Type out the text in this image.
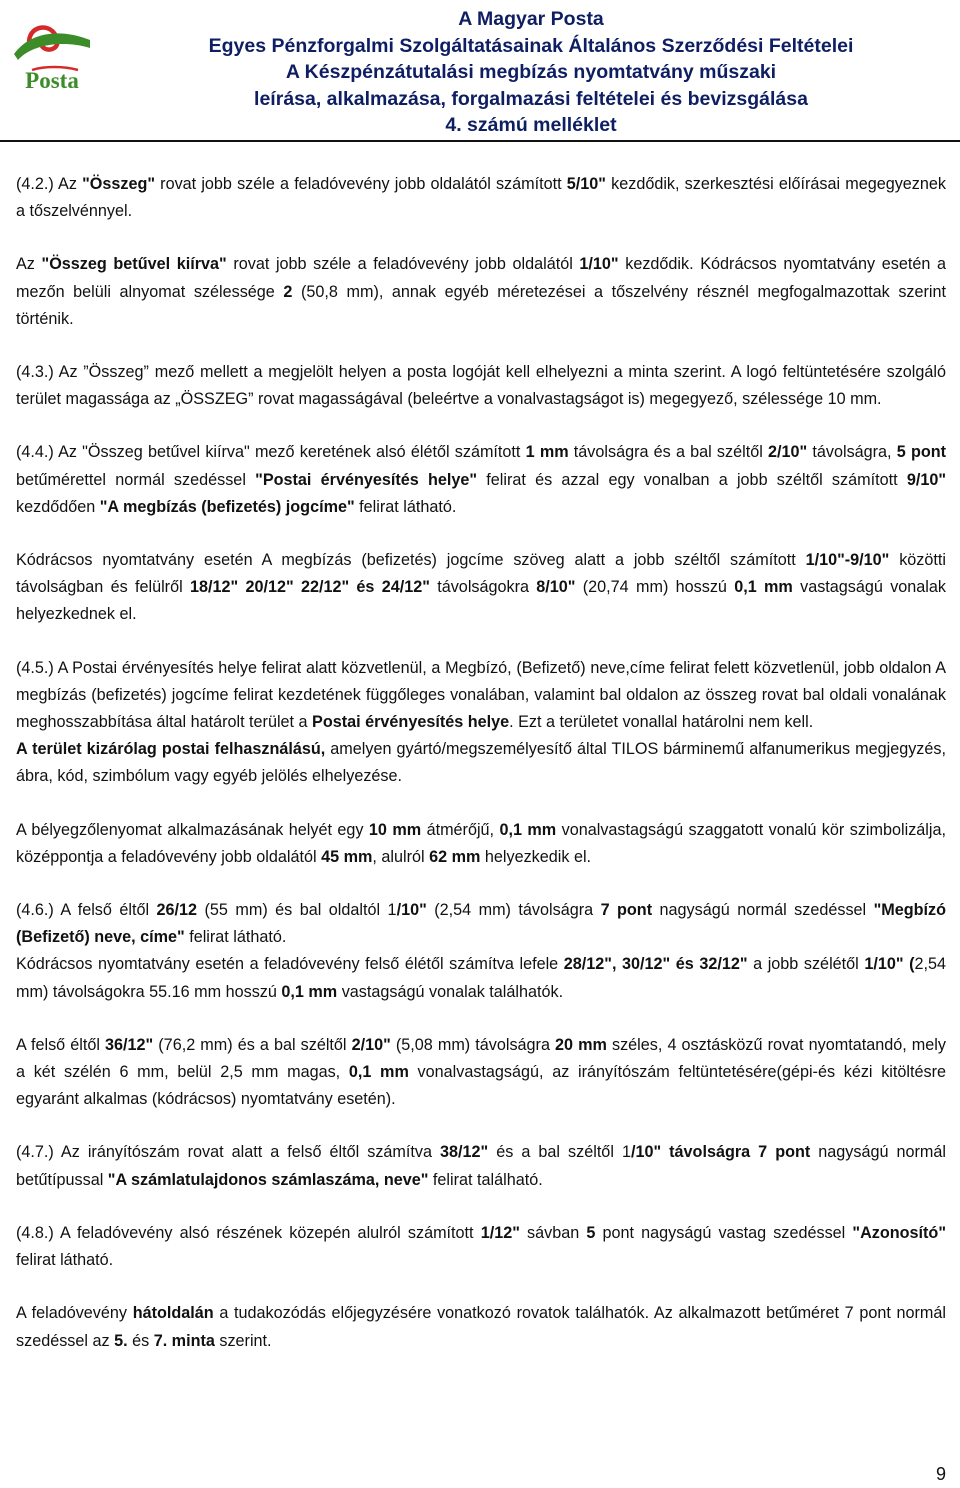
Posta
A Magyar Posta
Egyes Pénzforgalmi Szolgáltatásainak Általános Szerződési Feltételei
A Készpénzátutalási megbízás nyomtatvány műszaki
leírása, alkalmazása, forgalmazási feltételei és bevizsgálása
4. számú melléklet

(4.2.) Az "Összeg" rovat jobb széle a feladóvevény jobb oldalától számított 5/10" kezdődik, szerkesztési előírásai megegyeznek a tőszelvénnyel.

Az "Összeg betűvel kiírva" rovat jobb széle a feladóvevény jobb oldalától 1/10" kezdődik. Kódrácsos nyomtatvány esetén a mezőn belüli alnyomat szélessége 2 (50,8 mm), annak egyéb méretezései a tőszelvény résznél megfogalmazottak szerint történik.

(4.3.) Az ”Összeg” mező mellett a megjelölt helyen a posta logóját kell elhelyezni a minta szerint. A logó feltüntetésére szolgáló terület magassága az „ÖSSZEG” rovat magasságával (beleértve a vonalvastagságot is) megegyező, szélessége 10 mm.

(4.4.) Az "Összeg betűvel kiírva" mező keretének alsó élétől számított 1 mm távolságra és a bal széltől 2/10" távolságra, 5 pont betűmérettel normál szedéssel "Postai érvényesítés helye" felirat és azzal egy vonalban a jobb széltől számított 9/10" kezdődően "A megbízás (befizetés) jogcíme" felirat látható.

Kódrácsos nyomtatvány esetén A megbízás (befizetés) jogcíme szöveg alatt a jobb széltől számított 1/10"-9/10" közötti távolságban és felülről 18/12" 20/12" 22/12" és 24/12" távolságokra 8/10" (20,74 mm) hosszú 0,1 mm vastagságú vonalak helyezkednek el.

(4.5.) A Postai érvényesítés helye felirat alatt közvetlenül, a Megbízó, (Befizető) neve,címe felirat felett közvetlenül, jobb oldalon A megbízás (befizetés) jogcíme felirat kezdetének függőleges vonalában, valamint bal oldalon az összeg rovat bal oldali vonalának meghosszabbítása által határolt terület a Postai érvényesítés helye. Ezt a területet vonallal határolni nem kell.

A terület kizárólag postai felhasználású, amelyen gyártó/megszemélyesítő által TILOS bárminemű alfanumerikus megjegyzés, ábra, kód, szimbólum vagy egyéb jelölés elhelyezése.

A bélyegzőlenyomat alkalmazásának helyét egy 10 mm átmérőjű, 0,1 mm vonalvastagságú szaggatott vonalú kör szimbolizálja, középpontja a feladóvevény jobb oldalától 45 mm, alulról 62 mm helyezkedik el.

(4.6.) A felső éltől 26/12 (55 mm) és bal oldaltól 1/10" (2,54 mm) távolságra 7 pont nagyságú normál szedéssel "Megbízó (Befizető) neve, címe" felirat látható.

Kódrácsos nyomtatvány esetén a feladóvevény felső élétől számítva lefele 28/12", 30/12" és 32/12" a jobb szélétől 1/10" (2,54 mm) távolságokra 55.16 mm hosszú 0,1 mm vastagságú vonalak találhatók.

A felső éltől 36/12" (76,2 mm) és a bal széltől 2/10" (5,08 mm) távolságra 20 mm széles, 4 osztásközű rovat nyomtatandó, mely a két szélén 6 mm, belül 2,5 mm magas, 0,1 mm vonalvastagságú, az irányítószám feltüntetésére(gépi-és kézi kitöltésre egyaránt alkalmas (kódrácsos) nyomtatvány esetén).

(4.7.) Az irányítószám rovat alatt a felső éltől számítva 38/12" és a bal széltől 1/10" távolságra 7 pont nagyságú normál betűtípussal "A számlatulajdonos számlaszáma, neve" felirat található.

(4.8.) A feladóvevény alsó részének közepén alulról számított 1/12" sávban 5 pont nagyságú vastag szedéssel "Azonosító" felirat látható.

A feladóvevény hátoldalán a tudakozódás előjegyzésére vonatkozó rovatok találhatók. Az alkalmazott betűméret 7 pont normál szedéssel az 5. és 7. minta szerint.

9
